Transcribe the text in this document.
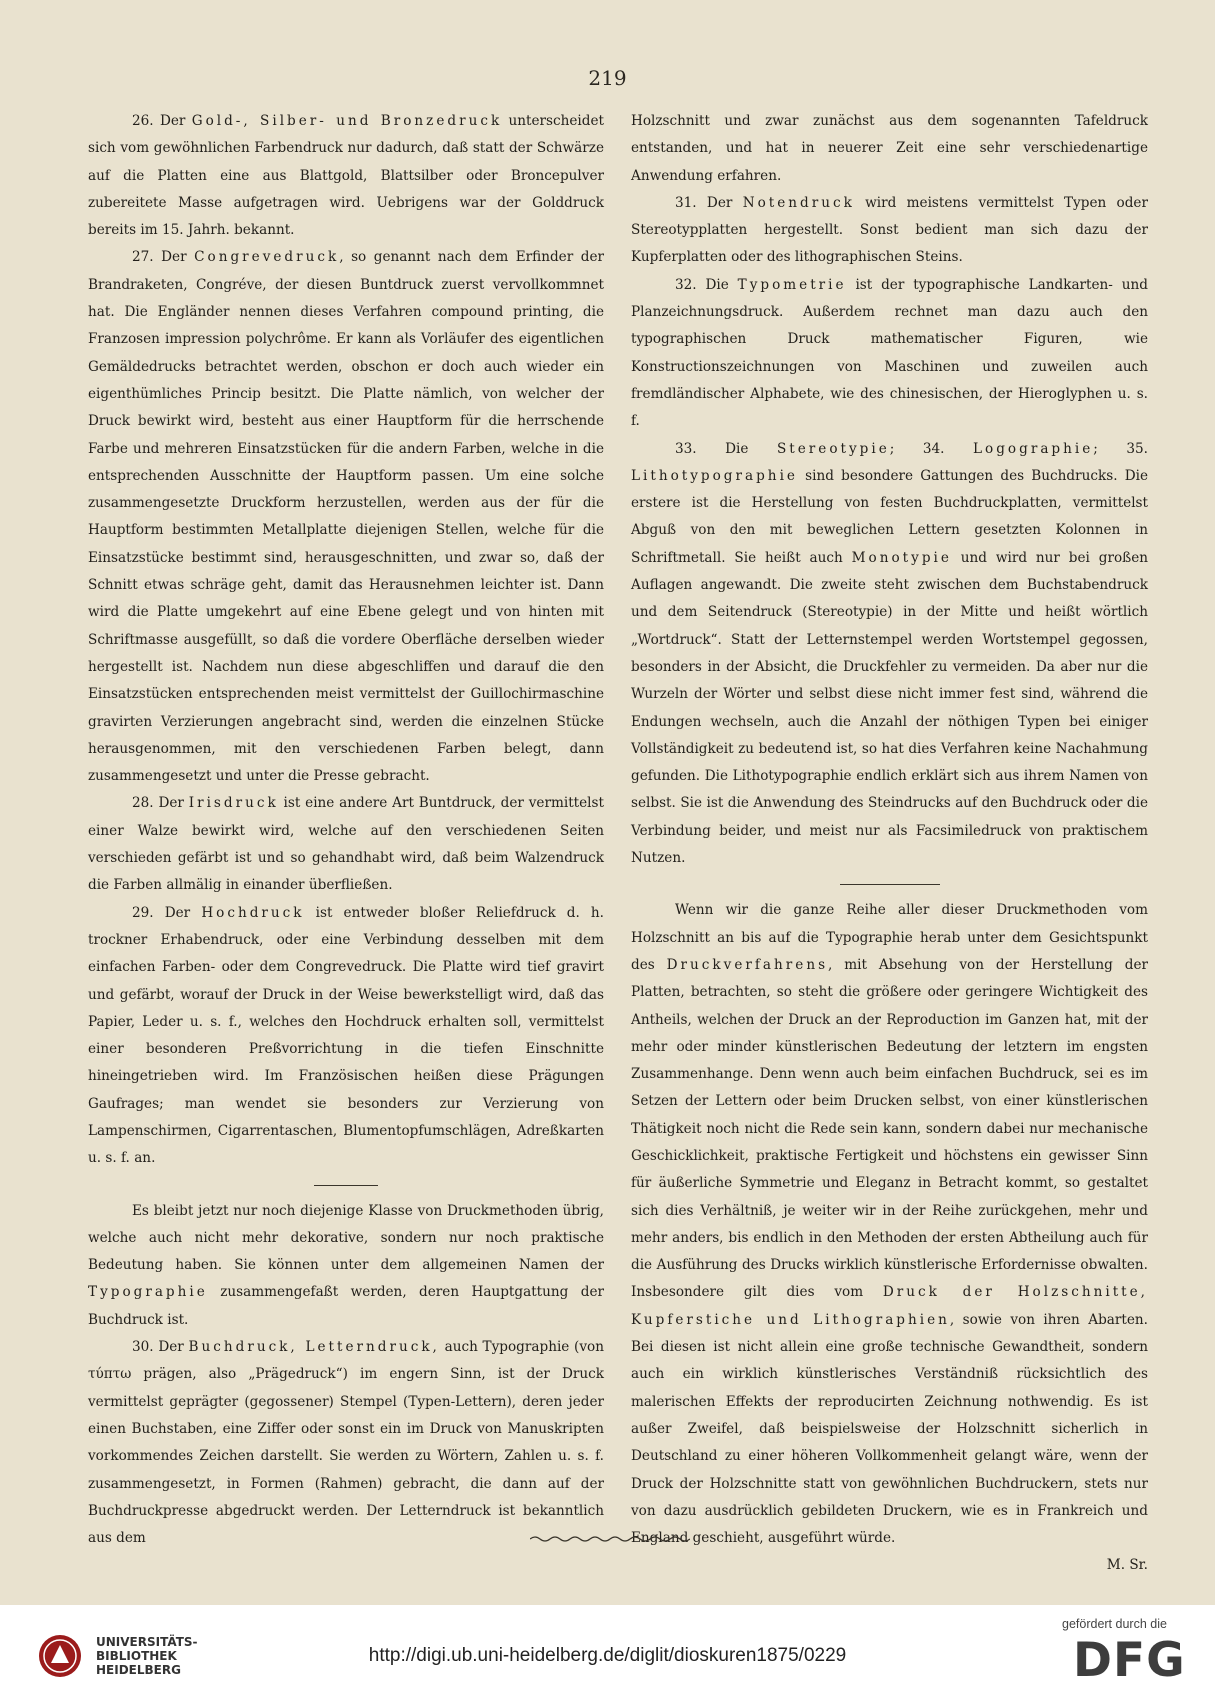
219

26. Der Gold-, Silber- und Bronzedruck unterscheidet sich vom gewöhnlichen Farbendruck nur dadurch, daß statt der Schwärze auf die Platten eine aus Blattgold, Blattsilber oder Broncepulver zubereitete Masse aufgetragen wird. Uebrigens war der Golddruck bereits im 15. Jahrh. bekannt.

27. Der Congrevedruck, so genannt nach dem Erfinder der Brandraketen, Congréve, der diesen Buntdruck zuerst vervollkommnet hat. Die Engländer nennen dieses Verfahren compound printing, die Franzosen impression polychrôme. Er kann als Vorläufer des eigentlichen Gemäldedrucks betrachtet werden, obschon er doch auch wieder ein eigenthümliches Princip besitzt. Die Platte nämlich, von welcher der Druck bewirkt wird, besteht aus einer Hauptform für die herrschende Farbe und mehreren Einsatzstücken für die andern Farben, welche in die entsprechenden Ausschnitte der Hauptform passen. Um eine solche zusammengesetzte Druckform herzustellen, werden aus der für die Hauptform bestimmten Metallplatte diejenigen Stellen, welche für die Einsatzstücke bestimmt sind, herausgeschnitten, und zwar so, daß der Schnitt etwas schräge geht, damit das Herausnehmen leichter ist. Dann wird die Platte umgekehrt auf eine Ebene gelegt und von hinten mit Schriftmasse ausgefüllt, so daß die vordere Oberfläche derselben wieder hergestellt ist. Nachdem nun diese abgeschliffen und darauf die den Einsatzstücken entsprechenden meist vermittelst der Guillochirmaschine gravirten Verzierungen angebracht sind, werden die einzelnen Stücke herausgenommen, mit den verschiedenen Farben belegt, dann zusammengesetzt und unter die Presse gebracht.

28. Der Irisdruck ist eine andere Art Buntdruck, der vermittelst einer Walze bewirkt wird, welche auf den verschiedenen Seiten verschieden gefärbt ist und so gehandhabt wird, daß beim Walzendruck die Farben allmälig in einander überfließen.

29. Der Hochdruck ist entweder bloßer Reliefdruck d. h. trockner Erhabendruck, oder eine Verbindung desselben mit dem einfachen Farben- oder dem Congrevedruck. Die Platte wird tief gravirt und gefärbt, worauf der Druck in der Weise bewerkstelligt wird, daß das Papier, Leder u. s. f., welches den Hochdruck erhalten soll, vermittelst einer besonderen Preßvorrichtung in die tiefen Einschnitte hineingetrieben wird. Im Französischen heißen diese Prägungen Gaufrages; man wendet sie besonders zur Verzierung von Lampenschirmen, Cigarrentaschen, Blumentopfumschlägen, Adreßkarten u. s. f. an.

Es bleibt jetzt nur noch diejenige Klasse von Druckmethoden übrig, welche auch nicht mehr dekorative, sondern nur noch praktische Bedeutung haben. Sie können unter dem allgemeinen Namen der Typographie zusammengefaßt werden, deren Hauptgattung der Buchdruck ist.

30. Der Buchdruck, Letterndruck, auch Typographie (von τύπτω prägen, also „Prägedruck“) im engern Sinn, ist der Druck vermittelst geprägter (gegossener) Stempel (Typen-Lettern), deren jeder einen Buchstaben, eine Ziffer oder sonst ein im Druck von Manuskripten vorkommendes Zeichen darstellt. Sie werden zu Wörtern, Zahlen u. s. f. zusammengesetzt, in Formen (Rahmen) gebracht, die dann auf der Buchdruckpresse abgedruckt werden. Der Letterndruck ist bekanntlich aus dem

Holzschnitt und zwar zunächst aus dem sogenannten Tafeldruck entstanden, und hat in neuerer Zeit eine sehr verschiedenartige Anwendung erfahren.

31. Der Notendruck wird meistens vermittelst Typen oder Stereotypplatten hergestellt. Sonst bedient man sich dazu der Kupferplatten oder des lithographischen Steins.

32. Die Typometrie ist der typographische Landkarten- und Planzeichnungsdruck. Außerdem rechnet man dazu auch den typographischen Druck mathematischer Figuren, wie Konstructionszeichnungen von Maschinen und zuweilen auch fremdländischer Alphabete, wie des chinesischen, der Hieroglyphen u. s. f.

33. Die Stereotypie; 34. Logographie; 35. Lithotypographie sind besondere Gattungen des Buchdrucks. Die erstere ist die Herstellung von festen Buchdruckplatten, vermittelst Abguß von den mit beweglichen Lettern gesetzten Kolonnen in Schriftmetall. Sie heißt auch Monotypie und wird nur bei großen Auflagen angewandt. Die zweite steht zwischen dem Buchstabendruck und dem Seitendruck (Stereotypie) in der Mitte und heißt wörtlich „Wortdruck“. Statt der Letternstempel werden Wortstempel gegossen, besonders in der Absicht, die Druckfehler zu vermeiden. Da aber nur die Wurzeln der Wörter und selbst diese nicht immer fest sind, während die Endungen wechseln, auch die Anzahl der nöthigen Typen bei einiger Vollständigkeit zu bedeutend ist, so hat dies Verfahren keine Nachahmung gefunden. Die Lithotypographie endlich erklärt sich aus ihrem Namen von selbst. Sie ist die Anwendung des Steindrucks auf den Buchdruck oder die Verbindung beider, und meist nur als Facsimiledruck von praktischem Nutzen.

Wenn wir die ganze Reihe aller dieser Druckmethoden vom Holzschnitt an bis auf die Typographie herab unter dem Gesichtspunkt des Druckverfahrens, mit Absehung von der Herstellung der Platten, betrachten, so steht die größere oder geringere Wichtigkeit des Antheils, welchen der Druck an der Reproduction im Ganzen hat, mit der mehr oder minder künstlerischen Bedeutung der letztern im engsten Zusammenhange. Denn wenn auch beim einfachen Buchdruck, sei es im Setzen der Lettern oder beim Drucken selbst, von einer künstlerischen Thätigkeit noch nicht die Rede sein kann, sondern dabei nur mechanische Geschicklichkeit, praktische Fertigkeit und höchstens ein gewisser Sinn für äußerliche Symmetrie und Eleganz in Betracht kommt, so gestaltet sich dies Verhältniß, je weiter wir in der Reihe zurückgehen, mehr und mehr anders, bis endlich in den Methoden der ersten Abtheilung auch für die Ausführung des Drucks wirklich künstlerische Erfordernisse obwalten. Insbesondere gilt dies vom Druck der Holzschnitte, Kupferstiche und Lithographien, sowie von ihren Abarten. Bei diesen ist nicht allein eine große technische Gewandtheit, sondern auch ein wirklich künstlerisches Verständniß rücksichtlich des malerischen Effekts der reproducirten Zeichnung nothwendig. Es ist außer Zweifel, daß beispielsweise der Holzschnitt sicherlich in Deutschland zu einer höheren Vollkommenheit gelangt wäre, wenn der Druck der Holzschnitte statt von gewöhnlichen Buchdruckern, stets nur von dazu ausdrücklich gebildeten Druckern, wie es in Frankreich und England geschieht, ausgeführt würde.

M. Sr.

UNIVERSITÄTS-
BIBLIOTHEK
HEIDELBERG
http://digi.ub.uni-heidelberg.de/diglit/dioskuren1875/0229
gefördert durch die
DFG
